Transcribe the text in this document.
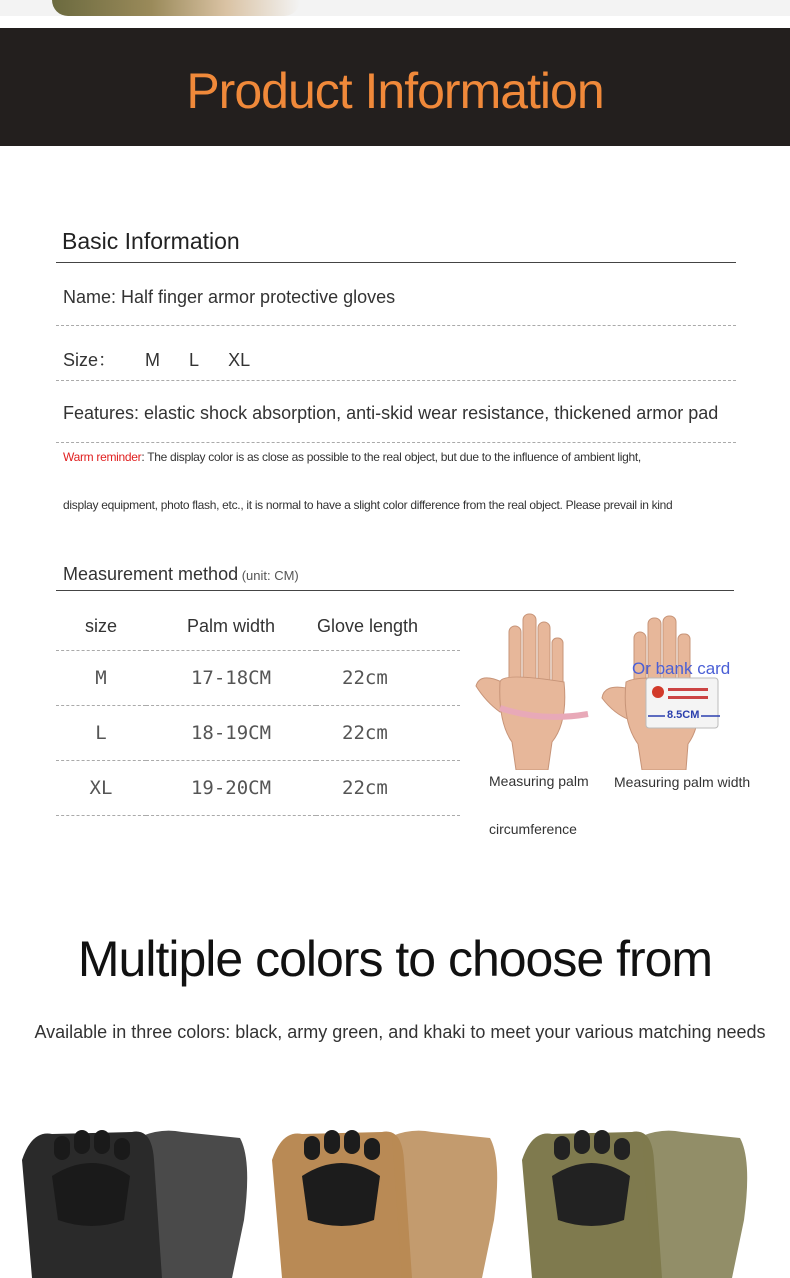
Product Information
Basic Information
Name: Half finger armor protective gloves
Size： M L XL
Features: elastic shock absorption, anti-skid wear resistance, thickened armor pad
Warm reminder: The display color is as close as possible to the real object, but due to the influence of ambient light,
display equipment, photo flash, etc., it is normal to have a slight color difference from the real object. Please prevail in kind
Measurement method (unit: CM)
size	Palm width	Glove length
M	17-18CM	22cm
L	18-19CM	22cm
XL	19-20CM	22cm
Or bank card
8.5CM
Measuring palm
circumference
Measuring palm width
Multiple colors to choose from
Available in three colors: black, army green, and khaki to meet your various matching needs
